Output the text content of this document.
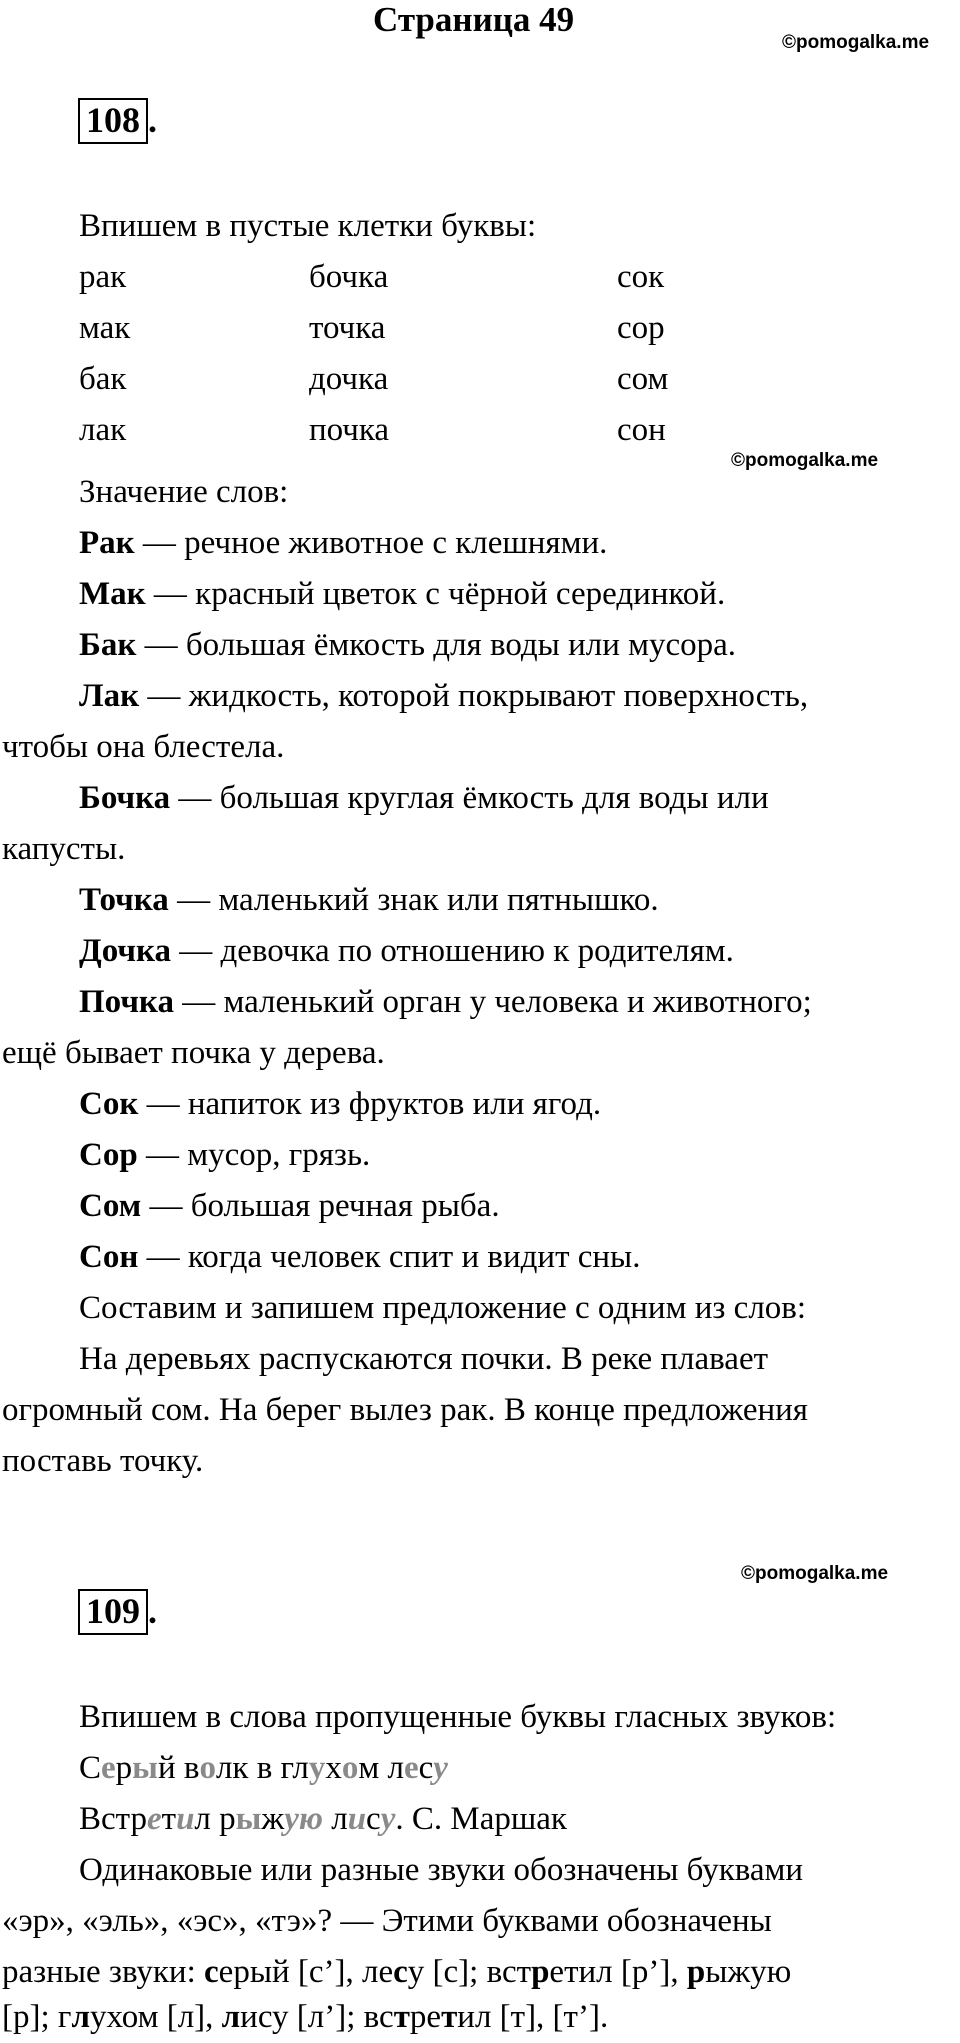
Страница 49
©pomogalka.me
108 .
Впишем в пустые клетки буквы:
рак	бочка	сок
мак	точка	сор
бак	дочка	сом
лак	почка	сон
©pomogalka.me
Значение слов:
Рак — речное животное с клешнями.
Мак — красный цветок с чёрной серединкой.
Бак — большая ёмкость для воды или мусора.
Лак — жидкость, которой покрывают поверхность,
чтобы она блестела.
Бочка — большая круглая ёмкость для воды или
капусты.
Точка — маленький знак или пятнышко.
Дочка — девочка по отношению к родителям.
Почка — маленький орган у человека и животного;
ещё бывает почка у дерева.
Сок — напиток из фруктов или ягод.
Сор — мусор, грязь.
Сом — большая речная рыба.
Сон — когда человек спит и видит сны.
Составим и запишем предложение с одним из слов:
На деревьях распускаются почки. В реке плавает
огромный сом. На берег вылез рак. В конце предложения
поставь точку.
©pomogalka.me
109 .
Впишем в слова пропущенные буквы гласных звуков:
Серый волк в глухом лесу
Встретил рыжую лису. С. Маршак
Одинаковые или разные звуки обозначены буквами
«эр», «эль», «эс», «тэ»? — Этими буквами обозначены
разные звуки: серый [с’], лесу [с]; встретил [р’], рыжую
[р]; глухом [л], лису [л’]; встретил [т], [т’].
